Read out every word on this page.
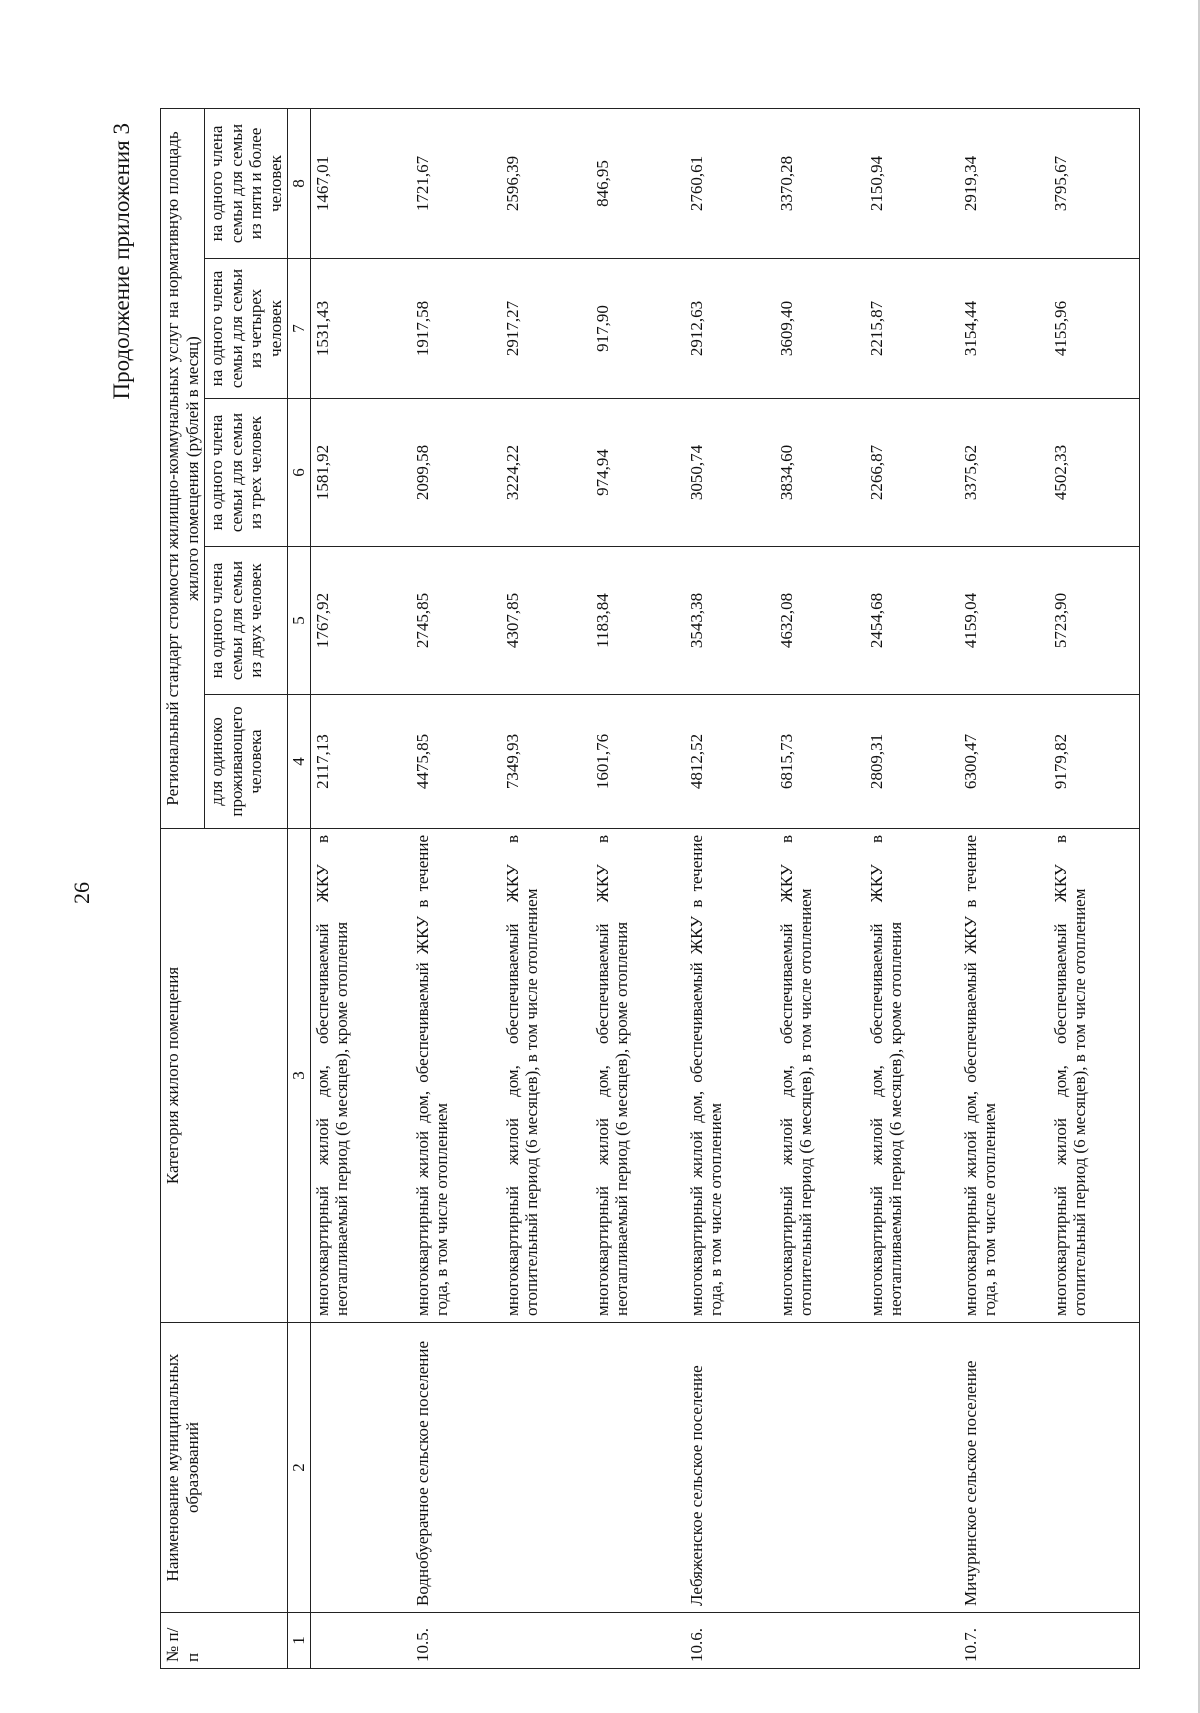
26
Продолжение приложения 3
№ п/п	Наименование муниципальных образований	Категория жилого помещения	Региональный стандарт стоимости жилищно-коммунальных услуг на нормативную площадь жилого помещения (рублей в месяц)				
			для одиноко проживающего человека	на одного члена семьи для семьи из двух человек	на одного члена семьи для семьи из трех человек	на одного члена семьи для семьи из четырех человек	на одного члена семьи для семьи из пяти и более человек
1	2	3	4	5	6	7	8
		многоквартирный жилой дом, обеспечиваемый ЖКУ в неотапливаемый период (6 месяцев), кроме отопления	2117,13	1767,92	1581,92	1531,43	1467,01
10.5.	Воднобуерачное сельское поселение	многоквартирный жилой дом, обеспечиваемый ЖКУ в течение года, в том числе отоплением	4475,85	2745,85	2099,58	1917,58	1721,67
		многоквартирный жилой дом, обеспечиваемый ЖКУ в отопительный период (6 месяцев), в том числе отоплением	7349,93	4307,85	3224,22	2917,27	2596,39
		многоквартирный жилой дом, обеспечиваемый ЖКУ в неотапливаемый период (6 месяцев), кроме отопления	1601,76	1183,84	974,94	917,90	846,95
10.6.	Лебяженское сельское поселение	многоквартирный жилой дом, обеспечиваемый ЖКУ в течение года, в том числе отоплением	4812,52	3543,38	3050,74	2912,63	2760,61
		многоквартирный жилой дом, обеспечиваемый ЖКУ в отопительный период (6 месяцев), в том числе отоплением	6815,73	4632,08	3834,60	3609,40	3370,28
		многоквартирный жилой дом, обеспечиваемый ЖКУ в неотапливаемый период (6 месяцев), кроме отопления	2809,31	2454,68	2266,87	2215,87	2150,94
10.7.	Мичуринское сельское поселение	многоквартирный жилой дом, обеспечиваемый ЖКУ в течение года, в том числе отоплением	6300,47	4159,04	3375,62	3154,44	2919,34
		многоквартирный жилой дом, обеспечиваемый ЖКУ в отопительный период (6 месяцев), в том числе отоплением	9179,82	5723,90	4502,33	4155,96	3795,67
